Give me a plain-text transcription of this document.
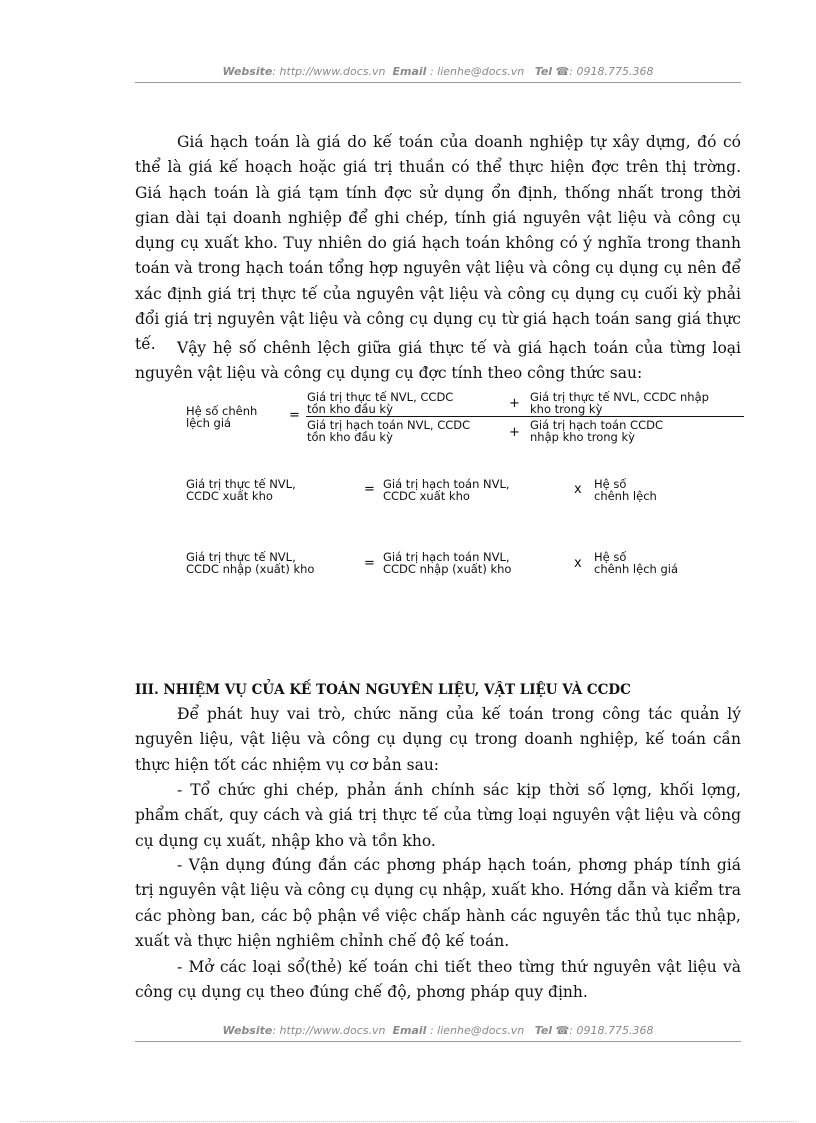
Website: http://www.docs.vn Email : lienhe@docs.vn Tel ☎: 0918.775.368

Giá hạch toán là giá do kế toán của doanh nghiệp tự xây dựng, đó có thể là giá kế hoạch hoặc giá trị thuần có thể thực hiện đợc trên thị trờng. Giá hạch toán là giá tạm tính đợc sử dụng ổn định, thống nhất trong thời gian dài tại doanh nghiệp để ghi chép, tính giá nguyên vật liệu và công cụ dụng cụ xuất kho. Tuy nhiên do giá hạch toán không có ý nghĩa trong thanh toán và trong hạch toán tổng hợp nguyên vật liệu và công cụ dụng cụ nên để xác định giá trị thực tế của nguyên vật liệu và công cụ dụng cụ cuối kỳ phải đổi giá trị nguyên vật liệu và công cụ dụng cụ từ giá hạch toán sang giá thực tế.	Vậy hệ số chênh lệch giữa giá thực tế và giá hạch toán của từng loại nguyên vật liệu và công cụ dụng cụ đợc tính theo công thức sau:

Hệ số chênh
lệch giá	=
Giá trị thực tế NVL, CCDC
tồn kho đầu kỳ	+ Giá trị thực tế NVL, CCDC nhập
kho trong kỳ
Giá trị hạch toán NVL, CCDC
tồn kho đầu kỳ	+ Giá trị hạch toán CCDC
nhập kho trong kỳ
Giá trị thực tế NVL,
CCDC xuất kho	= Giá trị hạch toán NVL,
CCDC xuất kho	x Hệ số
chênh lệch
Giá trị thực tế NVL,
CCDC nhập (xuất) kho	= Giá trị hạch toán NVL,
CCDC nhập (xuất) kho	x Hệ số
chênh lệch giá
III. NHIỆM VỤ CỦA KẾ TOÁN NGUYÊN LIỆU, VẬT LIỆU VÀ CCDC

Để phát huy vai trò, chức năng của kế toán trong công tác quản lý nguyên liệu, vật liệu và công cụ dụng cụ trong doanh nghiệp, kế toán cần thực hiện tốt các nhiệm vụ cơ bản sau:

- Tổ chức ghi chép, phản ánh chính sác kịp thời số lợng, khối lợng, phẩm chất, quy cách và giá trị thực tế của từng loại nguyên vật liệu và công cụ dụng cụ xuất, nhập kho và tồn kho.

- Vận dụng đúng đắn các phơng pháp hạch toán, phơng pháp tính giá trị nguyên vật liệu và công cụ dụng cụ nhập, xuất kho. Hớng dẫn và kiểm tra các phòng ban, các bộ phận về việc chấp hành các nguyên tắc thủ tục nhập, xuất và thực hiện nghiêm chỉnh chế độ kế toán.

- Mở các loại sổ(thẻ) kế toán chi tiết theo từng thứ nguyên vật liệu và công cụ dụng cụ theo đúng chế độ, phơng pháp quy định.

Website: http://www.docs.vn Email : lienhe@docs.vn Tel ☎: 0918.775.368
